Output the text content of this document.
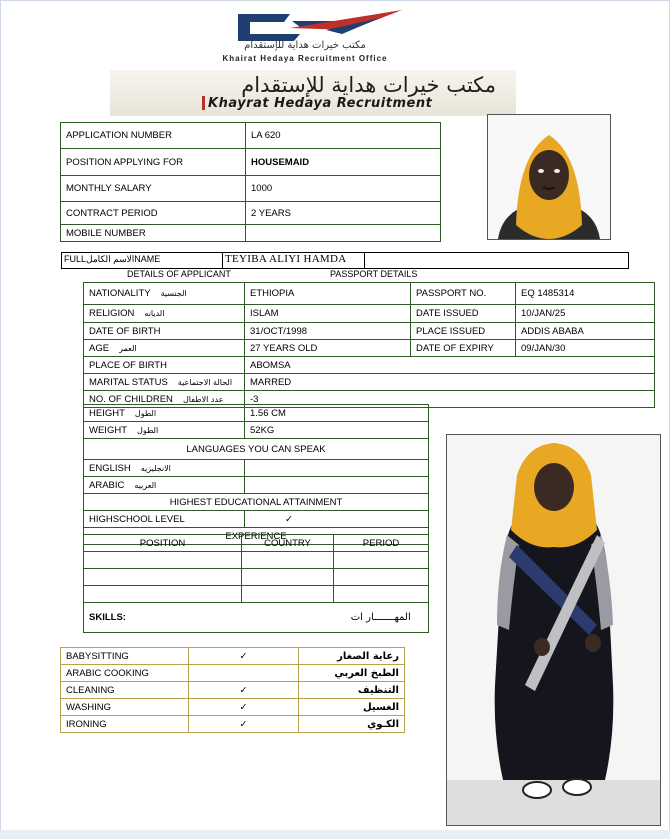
مكتب خيرات هداية للإستقدام
Khairat Hedaya Recruitment Office
مكتب خيرات هداية للإستقدام
Khayrat Hedaya Recruitment
APPLICATION NUMBER	LA 620
POSITION APPLYING FOR	HOUSEMAID
MONTHLY SALARY	1000
CONTRACT PERIOD	2 YEARS
MOBILE NUMBER	
FULLالاسم الكاملNAME	TEYIBA ALIYI HAMDA
DETAILS OF APPLICANT	PASSPORT DETAILS
NATIONALITY الجنسية	ETHIOPIA	PASSPORT NO.	EQ 1485314
RELIGION الديانه	ISLAM	DATE ISSUED	10/JAN/25
DATE OF BIRTH	31/OCT/1998	PLACE ISSUED	ADDIS ABABA
AGE العمر	27 YEARS OLD	DATE OF EXPIRY	09/JAN/30
PLACE OF BIRTH	ABOMSA		
MARITAL STATUS الحالة الاجتماعية	MARRED		
NO. OF CHILDREN عدد الاطفال	-3		
HEIGHT الطول	1.56 CM
WEIGHT الطول	52KG
LANGUAGES YOU CAN SPEAK	
ENGLISH الانجليزيه	
ARABIC العربيه	
HIGHEST EDUCATIONAL ATTAINMENT	
HIGHSCHOOL LEVEL	✓
EXPERIENCE	
POSITION	COUNTRY	PERIOD

SKILLS:		المهـــــــار ات
BABYSITTING	✓	رعاية الصغار

ARABIC COOKING		الطبخ العربي

CLEANING	✓	التنظيف

WASHING	✓	الغسيل

IRONING	✓	الكـوي
